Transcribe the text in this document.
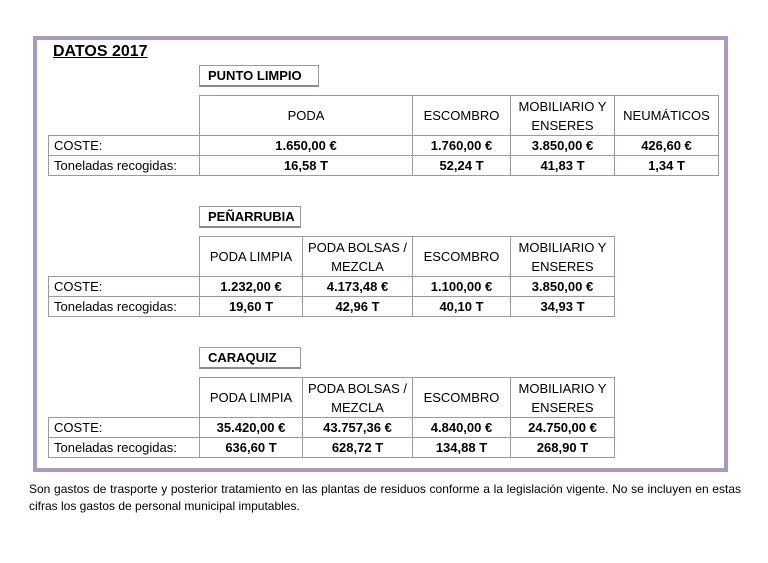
DATOS 2017
PUNTO LIMPIO
	PODA	ESCOMBRO	MOBILIARIO Y ENSERES	NEUMÁTICOS
COSTE:	1.650,00 €	1.760,00 €	3.850,00 €	426,60 €
Toneladas recogidas:	16,58 T	52,24 T	41,83 T	1,34 T
PEÑARRUBIA
	PODA LIMPIA	PODA BOLSAS / MEZCLA	ESCOMBRO	MOBILIARIO Y ENSERES
COSTE:	1.232,00 €	4.173,48 €	1.100,00 €	3.850,00 €
Toneladas recogidas:	19,60 T	42,96 T	40,10 T	34,93 T
CARAQUIZ
	PODA LIMPIA	PODA BOLSAS / MEZCLA	ESCOMBRO	MOBILIARIO Y ENSERES
COSTE:	35.420,00 €	43.757,36 €	4.840,00 €	24.750,00 €
Toneladas recogidas:	636,60 T	628,72 T	134,88 T	268,90 T
Son gastos de trasporte y posterior tratamiento en las plantas de residuos conforme a la legislación vigente. No se incluyen en estas cifras los gastos de personal municipal imputables.
